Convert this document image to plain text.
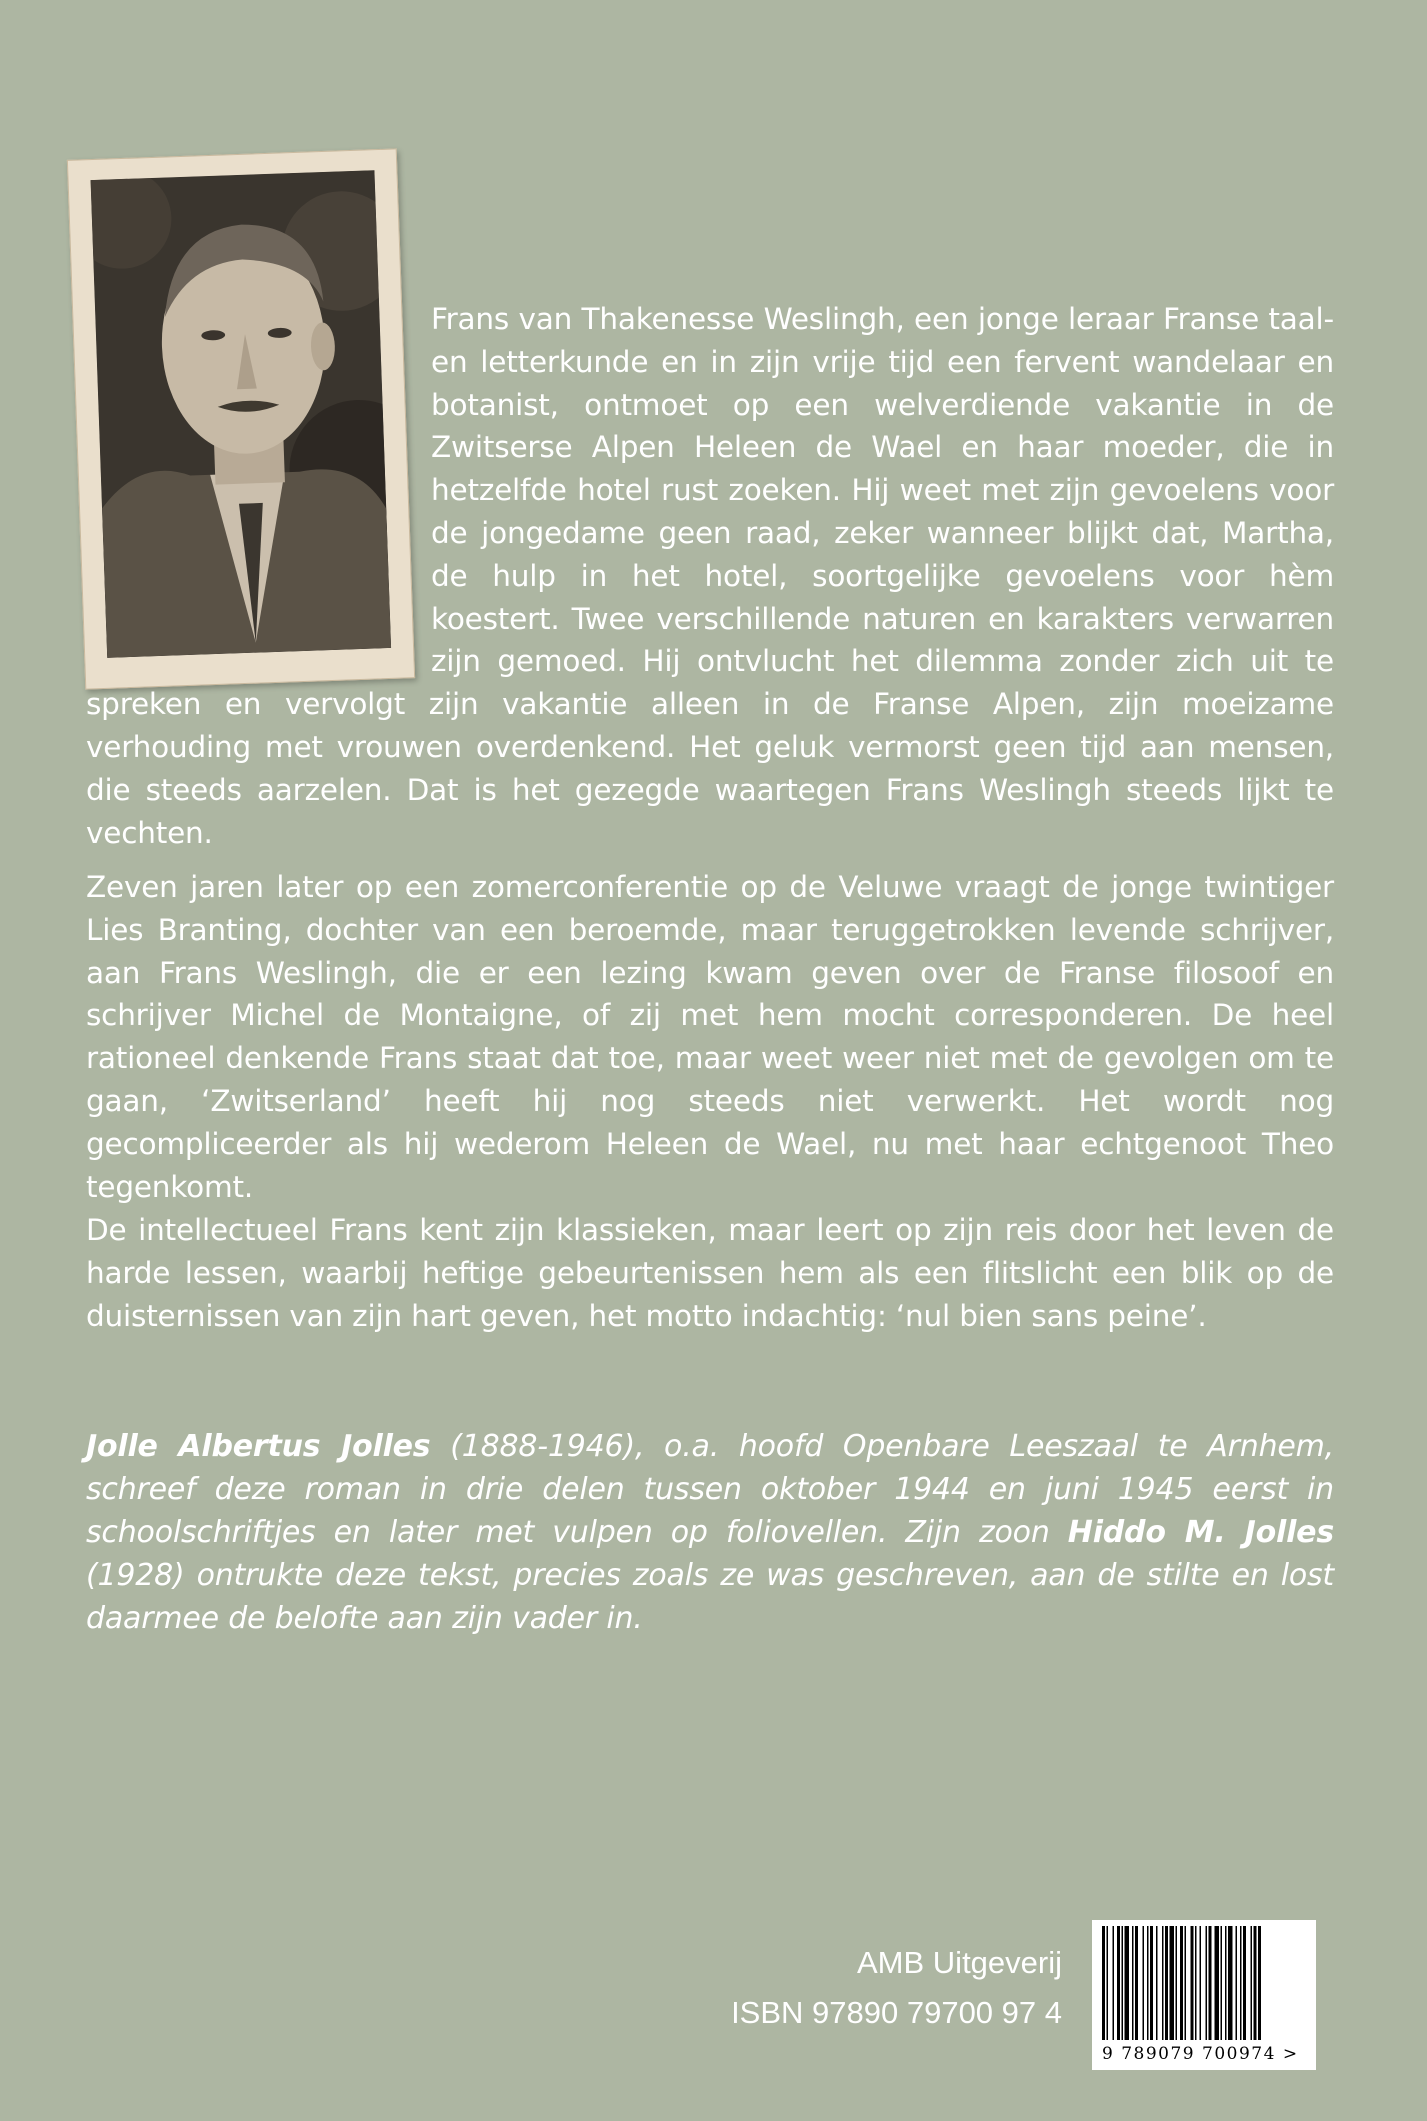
Frans van Thakenesse Weslingh, een jonge leraar Franse taal- en letterkunde en in zijn vrije tijd een fervent wandelaar en botanist, ontmoet op een welverdiende vakantie in de Zwitserse Alpen Heleen de Wael en haar moeder, die in hetzelfde hotel rust zoeken. Hij weet met zijn gevoelens voor de jongedame geen raad, zeker wanneer blijkt dat, Martha, de hulp in het hotel, soortgelijke gevoelens voor hèm koestert. Twee verschillende naturen en karakters verwarren zijn gemoed. Hij ontvlucht het dilemma zonder zich uit te spreken en vervolgt zijn vakantie alleen in de Franse Alpen, zijn moeizame verhouding met vrouwen overdenkend. Het geluk vermorst geen tijd aan mensen, die steeds aarzelen. Dat is het gezegde waartegen Frans Weslingh steeds lijkt te vechten.

Zeven jaren later op een zomerconferentie op de Veluwe vraagt de jonge twintiger Lies Branting, dochter van een beroemde, maar teruggetrokken levende schrijver, aan Frans Weslingh, die er een lezing kwam geven over de Franse filosoof en schrijver Michel de Montaigne, of zij met hem mocht corresponderen. De heel rationeel denkende Frans staat dat toe, maar weet weer niet met de gevolgen om te gaan, ‘Zwitserland’ heeft hij nog steeds niet verwerkt. Het wordt nog gecompliceerder als hij wederom Heleen de Wael, nu met haar echtgenoot Theo tegenkomt.

De intellectueel Frans kent zijn klassieken, maar leert op zijn reis door het leven de harde lessen, waarbij heftige gebeurtenissen hem als een flitslicht een blik op de duisternissen van zijn hart geven, het motto indachtig: ‘nul bien sans peine’.

Jolle Albertus Jolles (1888-1946), o.a. hoofd Openbare Leeszaal te Arnhem, schreef deze roman in drie delen tussen oktober 1944 en juni 1945 eerst in schoolschriftjes en later met vulpen op foliovellen. Zijn zoon Hiddo M. Jolles (1928) ontrukte deze tekst, precies zoals ze was geschreven, aan de stilte en lost daarmee de belofte aan zijn vader in.

AMB Uitgeverij
ISBN 97890 79700 97 4
9 789079 700974 >
